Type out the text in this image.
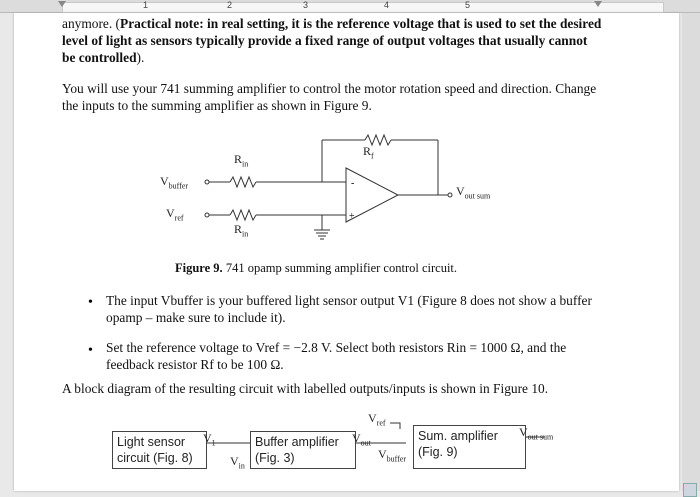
1	2	3	4	5

anymore. (Practical note: in real setting, it is the reference voltage that is used to set the desired level of light as sensors typically provide a fixed range of output voltages that usually cannot be controlled).

You will use your 741 summing amplifier to control the motor rotation speed and direction. Change the inputs to the summing amplifier as shown in Figure 9.

-
+
$R_{in}$
$R_{in}$
$R_f$
$V_{buffer}$
$V_{ref}$
$V_{out sum}$
Figure 9. 741 opamp summing amplifier control circuit.
• The input Vbuffer is your buffered light sensor output V1 (Figure 8 does not show a buffer opamp – make sure to include it).
• Set the reference voltage to Vref = −2.8 V. Select both resistors Rin = 1000 Ω, and the feedback resistor Rf to be 100 Ω.

A block diagram of the resulting circuit with labelled outputs/inputs is shown in Figure 10.

Light sensor
circuit (Fig. 8)
Buffer amplifier
(Fig. 3)
Sum. amplifier
(Fig. 9)
$V_1$
$V_{in}$
$V_{out}$
$V_{ref}$
$V_{buffer}$
$V_{out sum}$
